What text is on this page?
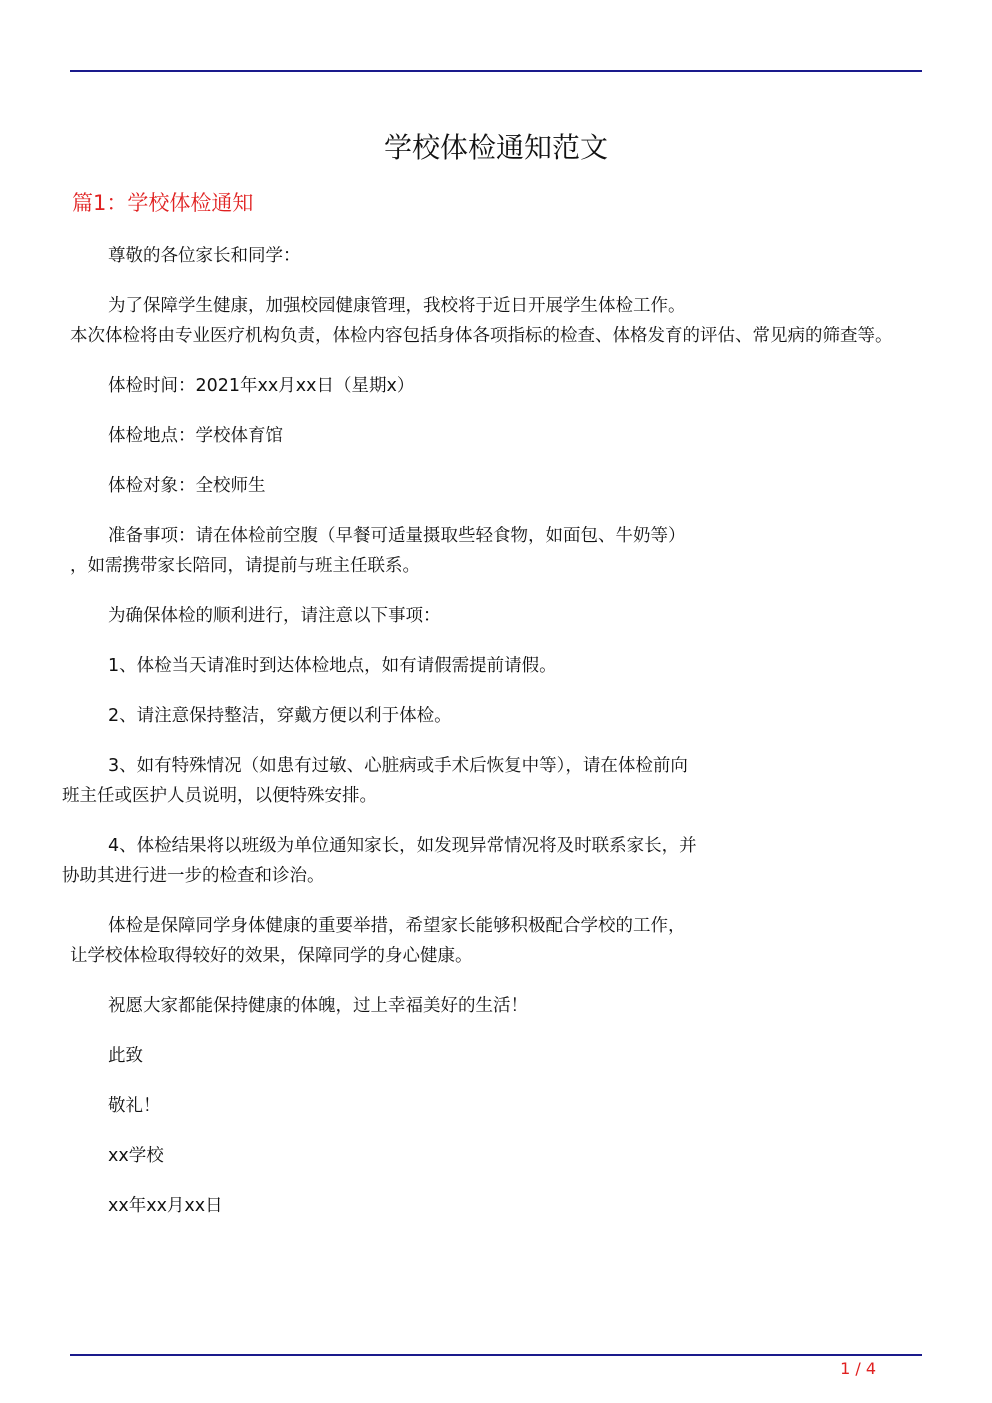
学校体检通知范文
篇1：学校体检通知

尊敬的各位家长和同学：

为了保障学生健康，加强校园健康管理，我校将于近日开展学生体检工作。
本次体检将由专业医疗机构负责，体检内容包括身体各项指标的检查、体格发育的评估、常见病的筛查等。

体检时间：2021年xx月xx日（星期x）

体检地点：学校体育馆

体检对象：全校师生

准备事项：请在体检前空腹（早餐可适量摄取些轻食物，如面包、牛奶等）
，如需携带家长陪同，请提前与班主任联系。

为确保体检的顺利进行，请注意以下事项：

1、体检当天请准时到达体检地点，如有请假需提前请假。

2、请注意保持整洁，穿戴方便以利于体检。

3、如有特殊情况（如患有过敏、心脏病或手术后恢复中等），请在体检前向
班主任或医护人员说明，以便特殊安排。

4、体检结果将以班级为单位通知家长，如发现异常情况将及时联系家长，并
协助其进行进一步的检查和诊治。

体检是保障同学身体健康的重要举措，希望家长能够积极配合学校的工作，
让学校体检取得较好的效果，保障同学的身心健康。

祝愿大家都能保持健康的体魄，过上幸福美好的生活！

此致

敬礼！

xx学校

xx年xx月xx日

1 / 4
